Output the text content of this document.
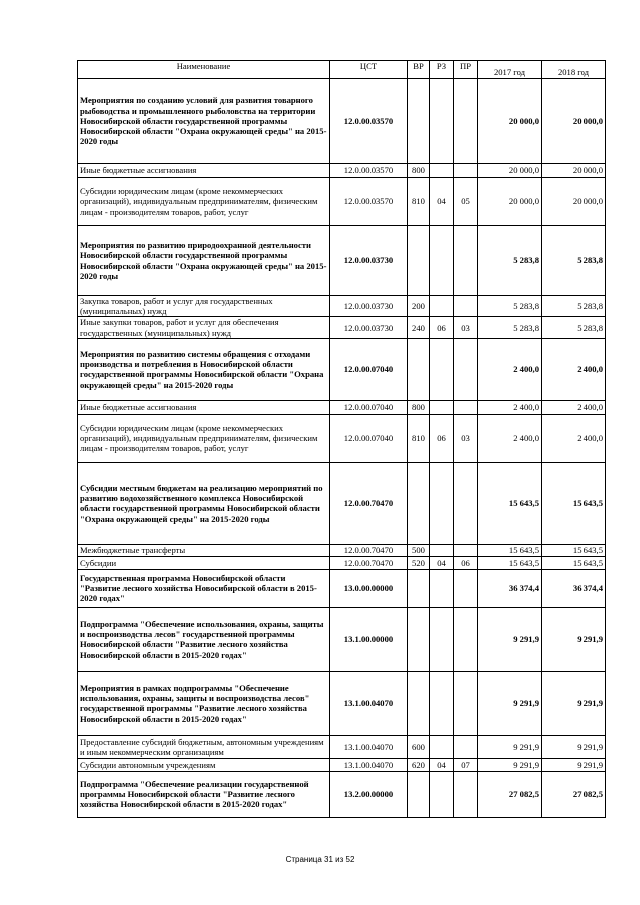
Наименование	ЦСТ	ВР	РЗ	ПР	2017 год	2018 год
Мероприятия по созданию условий для развития товарного рыбоводства и промышленного рыболовства на территории Новосибирской области государственной программы Новосибирской области "Охрана окружающей среды" на 2015-2020 годы	12.0.00.03570				20 000,0	20 000,0
Иные бюджетные ассигнования	12.0.00.03570	800			20 000,0	20 000,0
Субсидии юридическим лицам (кроме некоммерческих организаций), индивидуальным предпринимателям, физическим лицам - производителям товаров, работ, услуг	12.0.00.03570	810	04	05	20 000,0	20 000,0
Мероприятия по развитию природоохранной деятельности Новосибирской области государственной программы Новосибирской области "Охрана окружающей среды" на 2015-2020 годы	12.0.00.03730				5 283,8	5 283,8
Закупка товаров, работ и услуг для государственных (муниципальных) нужд	12.0.00.03730	200			5 283,8	5 283,8
Иные закупки товаров, работ и услуг для обеспечения государственных (муниципальных) нужд	12.0.00.03730	240	06	03	5 283,8	5 283,8
Мероприятия по развитию системы обращения с отходами производства и потребления в Новосибирской области государственной программы Новосибирской области "Охрана окружающей среды" на 2015-2020 годы	12.0.00.07040				2 400,0	2 400,0
Иные бюджетные ассигнования	12.0.00.07040	800			2 400,0	2 400,0
Субсидии юридическим лицам (кроме некоммерческих организаций), индивидуальным предпринимателям, физическим лицам - производителям товаров, работ, услуг	12.0.00.07040	810	06	03	2 400,0	2 400,0
Субсидии местным бюджетам на реализацию мероприятий по развитию водохозяйственного комплекса Новосибирской области государственной программы Новосибирской области "Охрана окружающей среды" на 2015-2020 годы	12.0.00.70470				15 643,5	15 643,5
Межбюджетные трансферты	12.0.00.70470	500			15 643,5	15 643,5
Субсидии	12.0.00.70470	520	04	06	15 643,5	15 643,5
Государственная программа Новосибирской области "Развитие лесного хозяйства Новосибирской области в 2015-2020 годах"	13.0.00.00000				36 374,4	36 374,4
Подпрограмма "Обеспечение использования, охраны, защиты и воспроизводства лесов" государственной программы Новосибирской области "Развитие лесного хозяйства Новосибирской области в 2015-2020 годах"	13.1.00.00000				9 291,9	9 291,9
Мероприятия в рамках подпрограммы "Обеспечение использования, охраны, защиты и воспроизводства лесов" государственной программы "Развитие лесного хозяйства Новосибирской области в 2015-2020 годах"	13.1.00.04070				9 291,9	9 291,9
Предоставление субсидий бюджетным, автономным учреждениям и иным некоммерческим организациям	13.1.00.04070	600			9 291,9	9 291,9
Субсидии автономным учреждениям	13.1.00.04070	620	04	07	9 291,9	9 291,9
Подпрограмма "Обеспечение реализации государственной программы Новосибирской области "Развитие лесного хозяйства Новосибирской области в 2015-2020 годах"	13.2.00.00000				27 082,5	27 082,5
Страница 31 из 52
